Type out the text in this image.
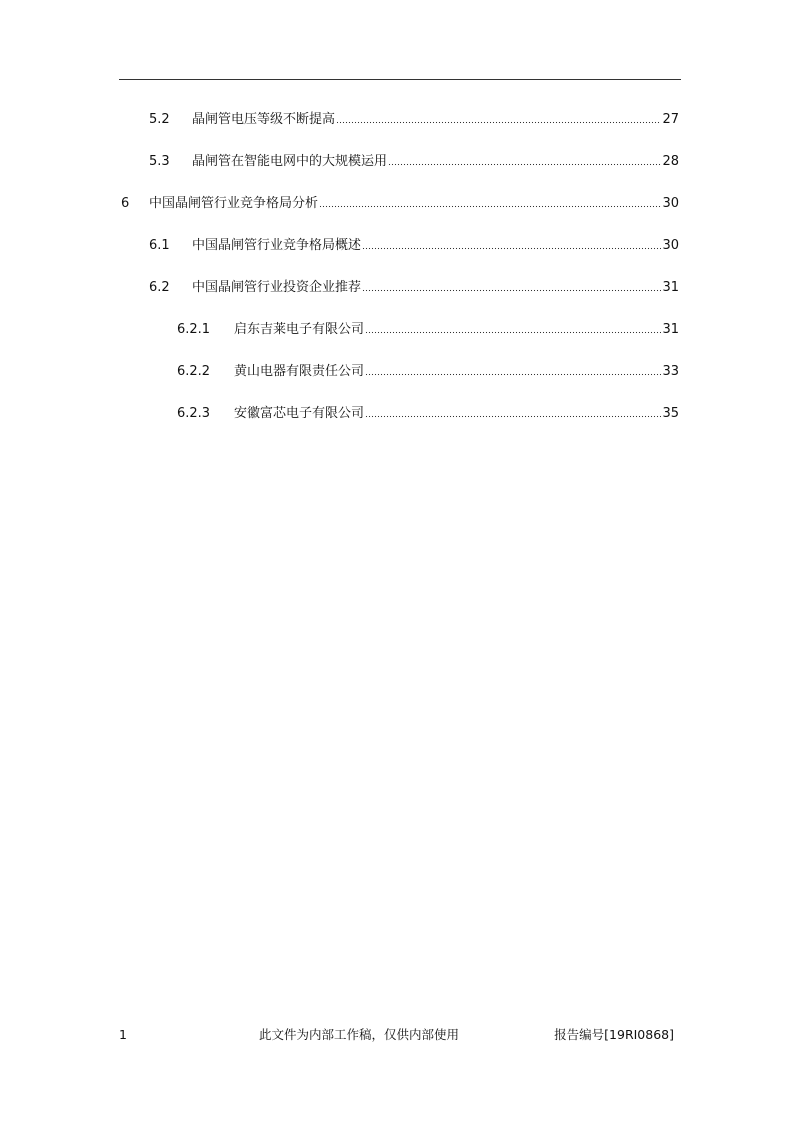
5.2	晶闸管电压等级不断提高	27
5.3	晶闸管在智能电网中的大规模运用	28
6	中国晶闸管行业竞争格局分析	30
6.1	中国晶闸管行业竞争格局概述	30
6.2	中国晶闸管行业投资企业推荐	31
6.2.1	启东吉莱电子有限公司	31
6.2.2	黄山电器有限责任公司	33
6.2.3	安徽富芯电子有限公司	35
1	此文件为内部工作稿，仅供内部使用	报告编号[19RI0868]
